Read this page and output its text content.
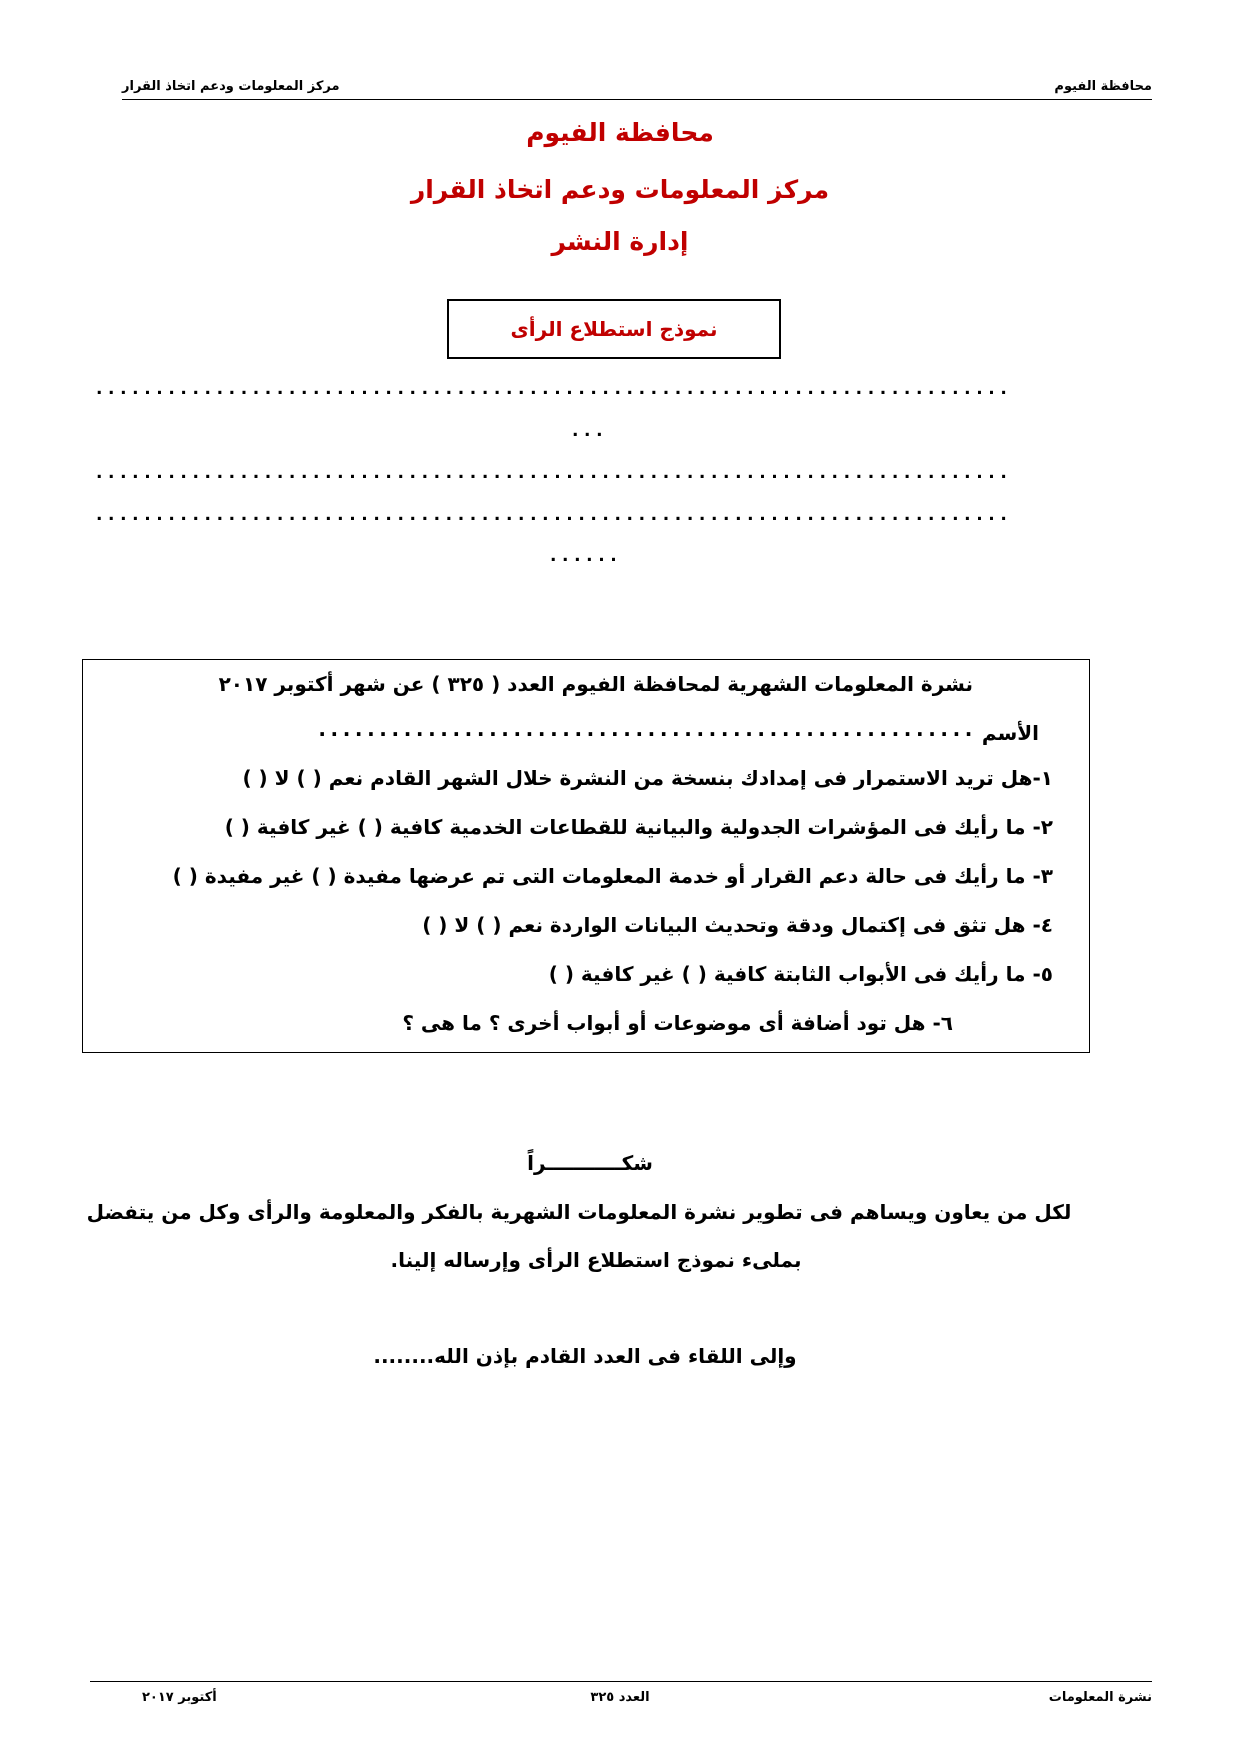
محافظة الفيوم
مركز المعلومات ودعم اتخاذ القرار
محافظة الفيوم
مركز المعلومات ودعم اتخاذ القرار
إدارة النشر
نموذج استطلاع الرأى
............................................................................
...
............................................................................
............................................................................
......
نشرة المعلومات الشهرية لمحافظة الفيوم العدد ( ٣٢٥ ) عن شهر أكتوبر ٢٠١٧
الأسم
......................................................
١-هل تريد الاستمرار فى إمدادك بنسخة من النشرة خلال الشهر القادم نعم ( ) لا ( )
٢- ما رأيك فى المؤشرات الجدولية والبيانية للقطاعات الخدمية كافية ( ) غير كافية ( )
٣- ما رأيك فى حالة دعم القرار أو خدمة المعلومات التى تم عرضها مفيدة ( ) غير مفيدة ( )
٤- هل تثق فى إكتمال ودقة وتحديث البيانات الواردة نعم ( ) لا ( )
٥- ما رأيك فى الأبواب الثابتة كافية ( ) غير كافية ( )
٦- هل تود أضافة أى موضوعات أو أبواب أخرى ؟ ما هى ؟
شكـــــــــــراً
لكل من يعاون ويساهم فى تطوير نشرة المعلومات الشهرية بالفكر والمعلومة والرأى وكل من يتفضل
بملىء نموذج استطلاع الرأى وإرساله إلينا.
وإلى اللقاء فى العدد القادم بإذن الله........
نشرة المعلومات
العدد ٣٢٥
أكتوبر ٢٠١٧
